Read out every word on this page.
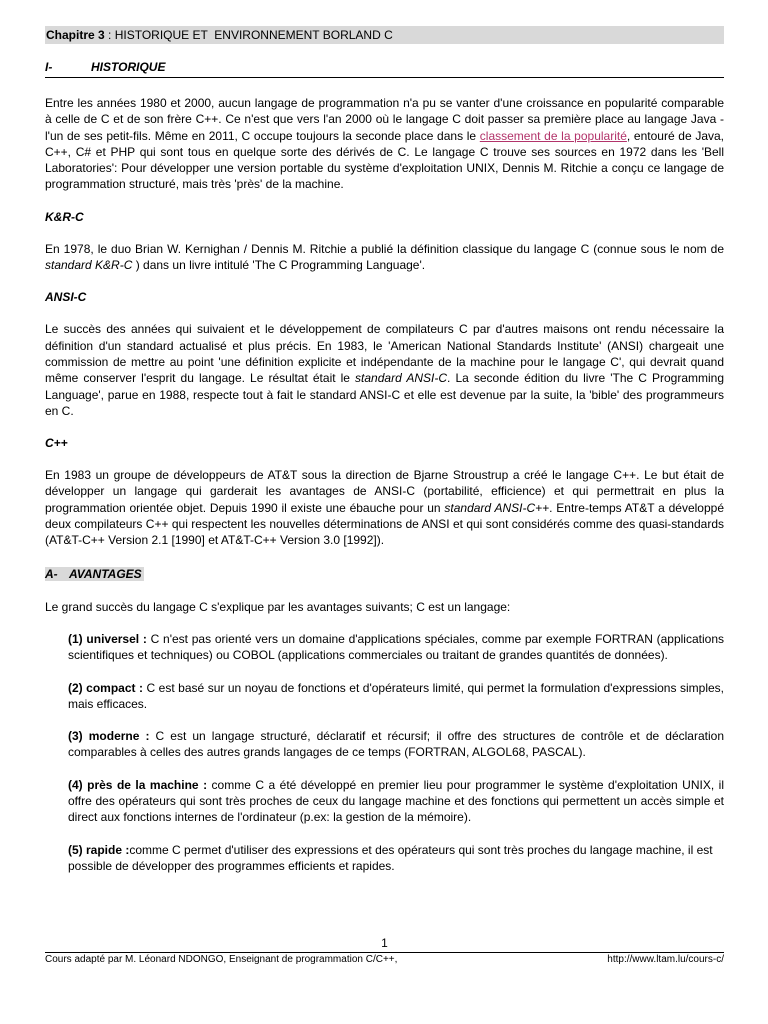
Chapitre 3 : HISTORIQUE ET  ENVIRONNEMENT BORLAND C
I-	HISTORIQUE

Entre les années 1980 et 2000, aucun langage de programmation n'a pu se vanter d'une croissance en popularité comparable à celle de C et de son frère C++. Ce n'est que vers l'an 2000 où le langage C doit passer sa première place au langage Java - l'un de ses petit-fils. Même en 2011, C occupe toujours la seconde place dans le classement de la popularité, entouré de Java, C++, C# et PHP qui sont tous en quelque sorte des dérivés de C. Le langage C trouve ses sources en 1972 dans les 'Bell Laboratories': Pour développer une version portable du système d'exploitation UNIX, Dennis M. Ritchie a conçu ce langage de programmation structuré, mais très 'près' de la machine.

K&R-C

En 1978, le duo Brian W. Kernighan / Dennis M. Ritchie a publié la définition classique du langage C (connue sous le nom de standard K&R-C ) dans un livre intitulé 'The C Programming Language'.

ANSI-C

Le succès des années qui suivaient et le développement de compilateurs C par d'autres maisons ont rendu nécessaire la définition d'un standard actualisé et plus précis. En 1983, le 'American National Standards Institute' (ANSI) chargeait une commission de mettre au point 'une définition explicite et indépendante de la machine pour le langage C', qui devrait quand même conserver l'esprit du langage. Le résultat était le standard ANSI-C. La seconde édition du livre 'The C Programming Language', parue en 1988, respecte tout à fait le standard ANSI-C et elle est devenue par la suite, la 'bible' des programmeurs en C.

C++

En 1983 un groupe de développeurs de AT&T sous la direction de Bjarne Stroustrup a créé le langage C++. Le but était de développer un langage qui garderait les avantages de ANSI-C (portabilité, efficience) et qui permettrait en plus la programmation orientée objet. Depuis 1990 il existe une ébauche pour un standard ANSI-C++. Entre-temps AT&T a développé deux compilateurs C++ qui respectent les nouvelles déterminations de ANSI et qui sont considérés comme des quasi-standards (AT&T-C++ Version 2.1 [1990] et AT&T-C++ Version 3.0 [1992]).

A- AVANTAGES

Le grand succès du langage C s'explique par les avantages suivants; C est un langage:

(1) universel : C n'est pas orienté vers un domaine d'applications spéciales, comme par exemple FORTRAN (applications scientifiques et techniques) ou COBOL (applications commerciales ou traitant de grandes quantités de données).

(2) compact : C est basé sur un noyau de fonctions et d'opérateurs limité, qui permet la formulation d'expressions simples, mais efficaces.

(3) moderne : C est un langage structuré, déclaratif et récursif; il offre des structures de contrôle et de déclaration comparables à celles des autres grands langages de ce temps (FORTRAN, ALGOL68, PASCAL).

(4) près de la machine : comme C a été développé en premier lieu pour programmer le système d'exploitation UNIX, il offre des opérateurs qui sont très proches de ceux du langage machine et des fonctions qui permettent un accès simple et direct aux fonctions internes de l'ordinateur (p.ex: la gestion de la mémoire).

(5) rapide :comme C permet d'utiliser des expressions et des opérateurs qui sont très proches du langage machine, il est possible de développer des programmes efficients et rapides.

1
Cours adapté par M. Léonard NDONGO, Enseignant de programmation C/C++,	http://www.ltam.lu/cours-c/
